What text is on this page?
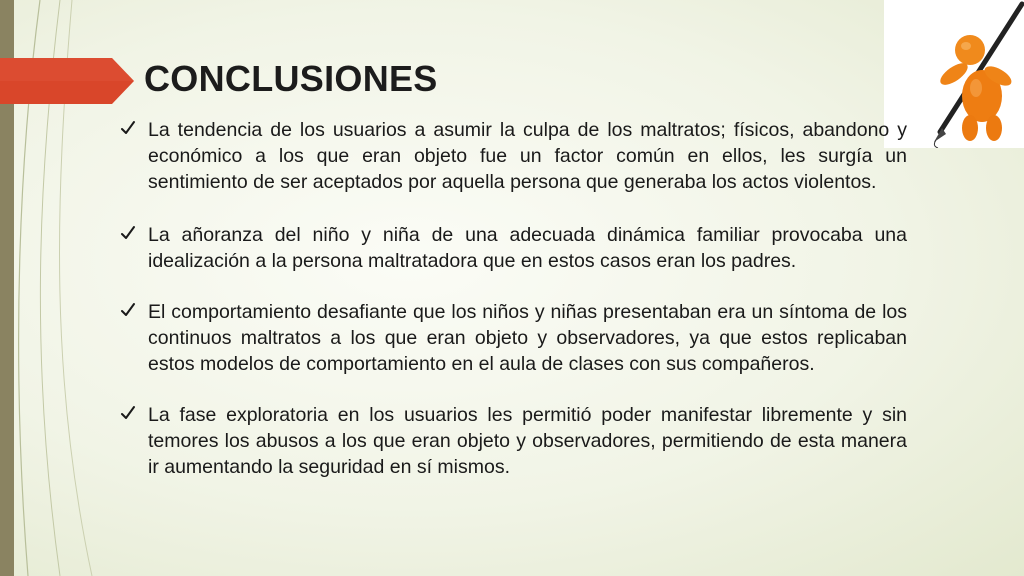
CONCLUSIONES
La tendencia de los usuarios a asumir la culpa de los maltratos; físicos, abandono y económico a los que eran objeto fue un factor común en ellos, les surgía un sentimiento de ser aceptados por aquella persona que generaba los actos violentos.
La añoranza del niño y niña de una adecuada dinámica familiar provocaba una idealización a la persona maltratadora que en estos casos eran los padres.
El comportamiento desafiante que los niños y niñas presentaban era un síntoma de los continuos maltratos a los que eran objeto y observadores, ya que estos replicaban estos modelos de comportamiento en el aula de clases con sus compañeros.
La fase exploratoria en los usuarios les permitió poder manifestar libremente y sin temores los abusos a los que eran objeto y observadores, permitiendo de esta manera ir aumentando la seguridad en sí mismos.
